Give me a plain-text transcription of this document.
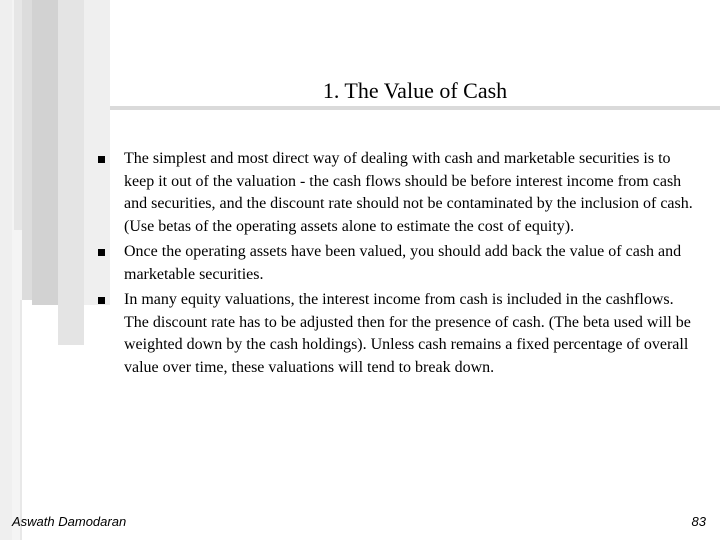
1. The Value of Cash
The simplest and most direct way of dealing with cash and marketable securities is to keep it out of the valuation - the cash flows should be before interest income from cash and securities, and the discount rate should not be contaminated by the inclusion of cash. (Use betas of the operating assets alone to estimate the cost of equity).
Once the operating assets have been valued, you should add back the value of cash and marketable securities.
In many equity valuations, the interest income from cash is included in the cashflows. The discount rate has to be adjusted then for the presence of cash. (The beta used will be weighted down by the cash holdings). Unless cash remains a fixed percentage of overall value over time, these valuations will tend to break down.
Aswath Damodaran	83
